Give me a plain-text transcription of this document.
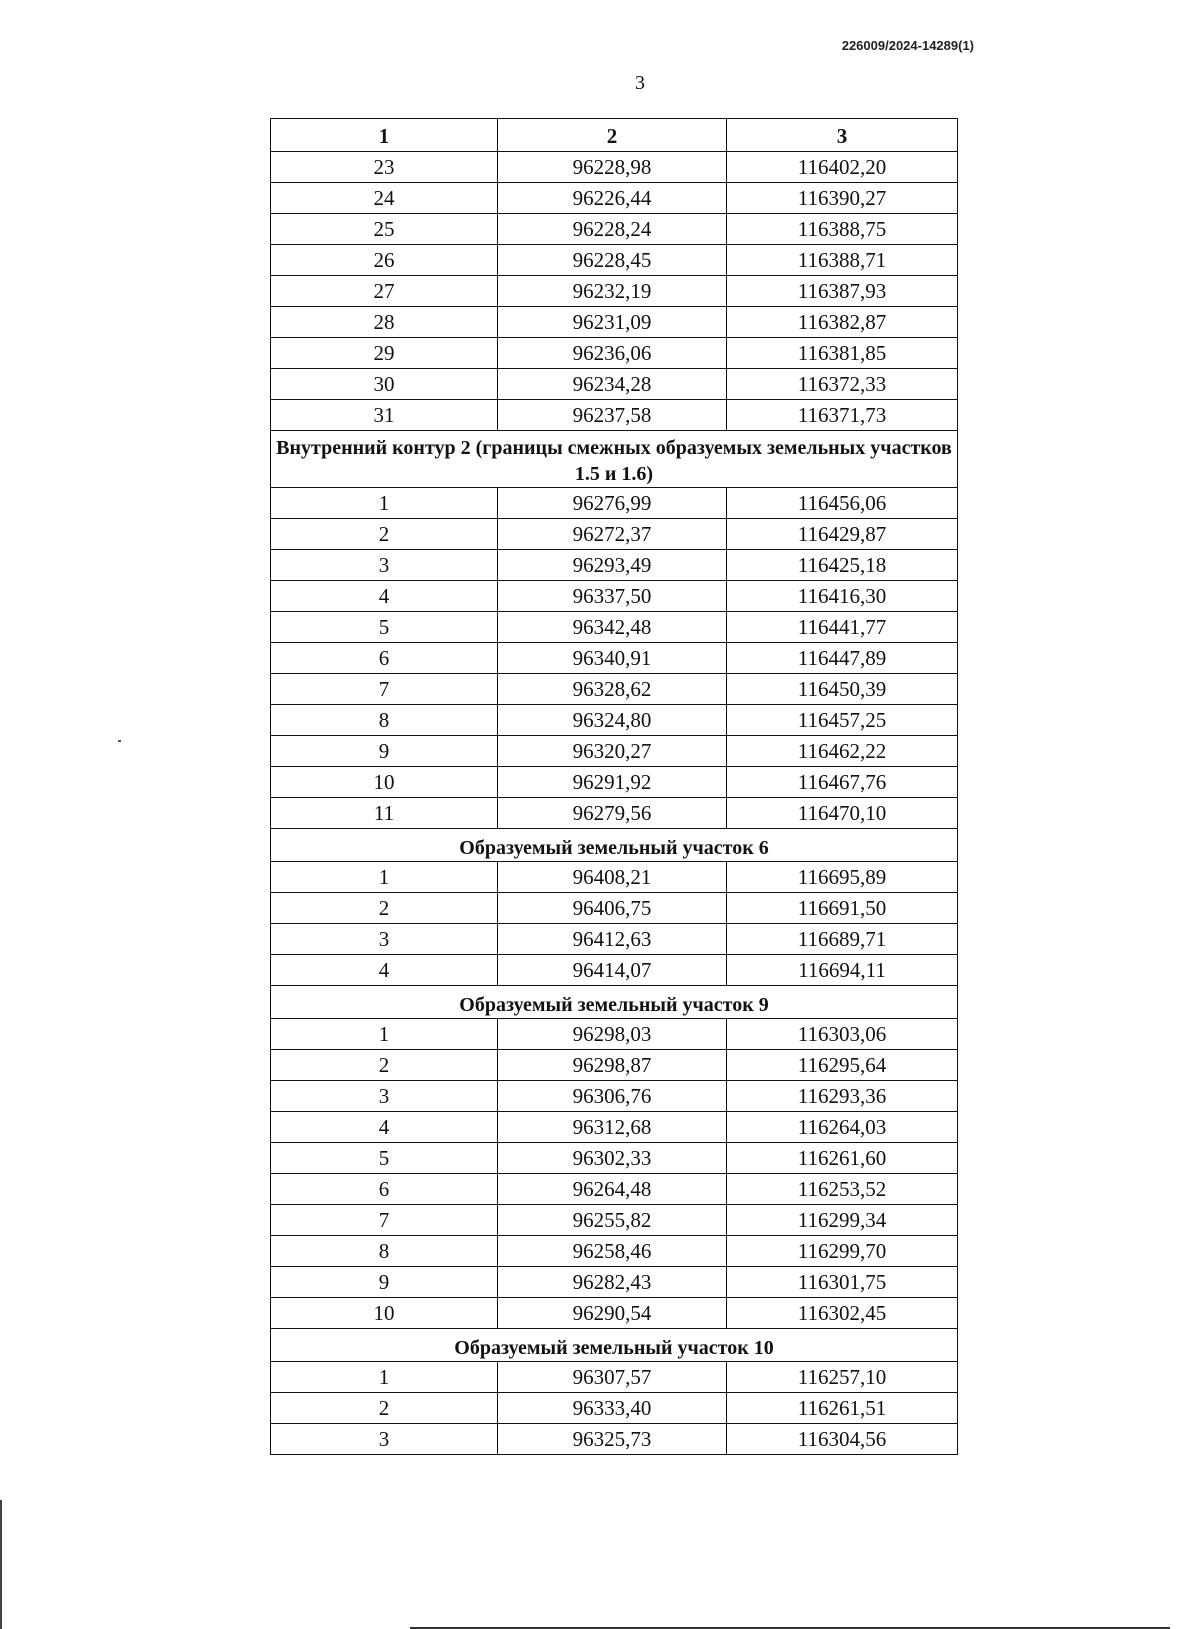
226009/2024-14289(1)
3
1	2	3
23	96228,98	116402,20
24	96226,44	116390,27
25	96228,24	116388,75
26	96228,45	116388,71
27	96232,19	116387,93
28	96231,09	116382,87
29	96236,06	116381,85
30	96234,28	116372,33
31	96237,58	116371,73
Внутренний контур 2 (границы смежных образуемых земельных участков 1.5 и 1.6)		
1	96276,99	116456,06
2	96272,37	116429,87
3	96293,49	116425,18
4	96337,50	116416,30
5	96342,48	116441,77
6	96340,91	116447,89
7	96328,62	116450,39
8	96324,80	116457,25
9	96320,27	116462,22
10	96291,92	116467,76
11	96279,56	116470,10
Образуемый земельный участок 6		
1	96408,21	116695,89
2	96406,75	116691,50
3	96412,63	116689,71
4	96414,07	116694,11
Образуемый земельный участок 9		
1	96298,03	116303,06
2	96298,87	116295,64
3	96306,76	116293,36
4	96312,68	116264,03
5	96302,33	116261,60
6	96264,48	116253,52
7	96255,82	116299,34
8	96258,46	116299,70
9	96282,43	116301,75
10	96290,54	116302,45
Образуемый земельный участок 10		
1	96307,57	116257,10
2	96333,40	116261,51
3	96325,73	116304,56
